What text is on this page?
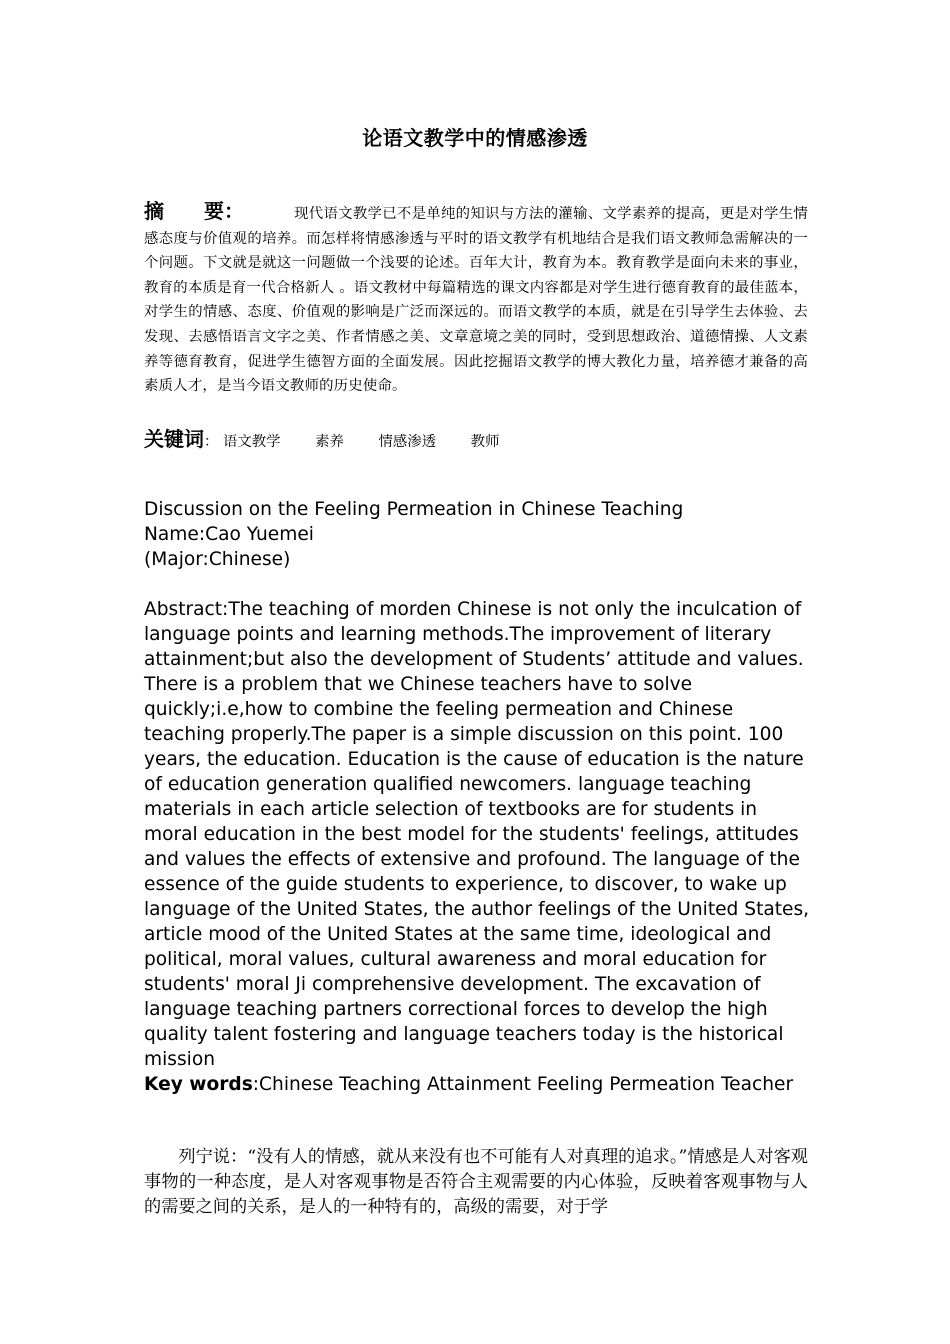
论语文教学中的情感渗透
摘　　要：	现代语文教学已不是单纯的知识与方法的灌输、文学素养的提高，更是对学生情感态度与价值观的培养。而怎样将情感渗透与平时的语文教学有机地结合是我们语文教师急需解决的一个问题。下文就是就这一问题做一个浅要的论述。百年大计，教育为本。教育教学是面向未来的事业，教育的本质是育一代合格新人 。语文教材中每篇精选的课文内容都是对学生进行德育教育的最佳蓝本，对学生的情感、态度、价值观的影响是广泛而深远的。而语文教学的本质，就是在引导学生去体验、去发现、去感悟语言文字之美、作者情感之美、文章意境之美的同时，受到思想政治、道德情操、人文素养等德育教育，促进学生德智方面的全面发展。因此挖掘语文教学的博大教化力量，培养德才兼备的高素质人才，是当今语文教师的历史使命。
关键词： 语文教学 素养 情感渗透 教师

Discussion on the Feeling Permeation in Chinese Teaching

Name:Cao Yuemei

(Major:Chinese)

Abstract:The teaching of morden Chinese is not only the inculcation of language points and learning methods.The improvement of literary attainment;but also the development of Students’ attitude and values. There is a problem that we Chinese teachers have to solve quickly;i.e,how to combine the feeling permeation and Chinese teaching properly.The paper is a simple discussion on this point. 100 years, the education. Education is the cause of education is the nature of education generation qualified newcomers. language teaching materials in each article selection of textbooks are for students in moral education in the best model for the students' feelings, attitudes and values the effects of extensive and profound. The language of the essence of the guide students to experience, to discover, to wake up language of the United States, the author feelings of the United States, article mood of the United States at the same time, ideological and political, moral values, cultural awareness and moral education for students' moral Ji comprehensive development. The excavation of language teaching partners correctional forces to develop the high quality talent fostering and language teachers today is the historical mission

Key words:Chinese Teaching Attainment Feeling Permeation Teacher

列宁说：“没有人的情感，就从来没有也不可能有人对真理的追求。”情感是人对客观事物的一种态度，是人对客观事物是否符合主观需要的内心体验，反映着客观事物与人的需要之间的关系，是人的一种特有的，高级的需要，对于学
